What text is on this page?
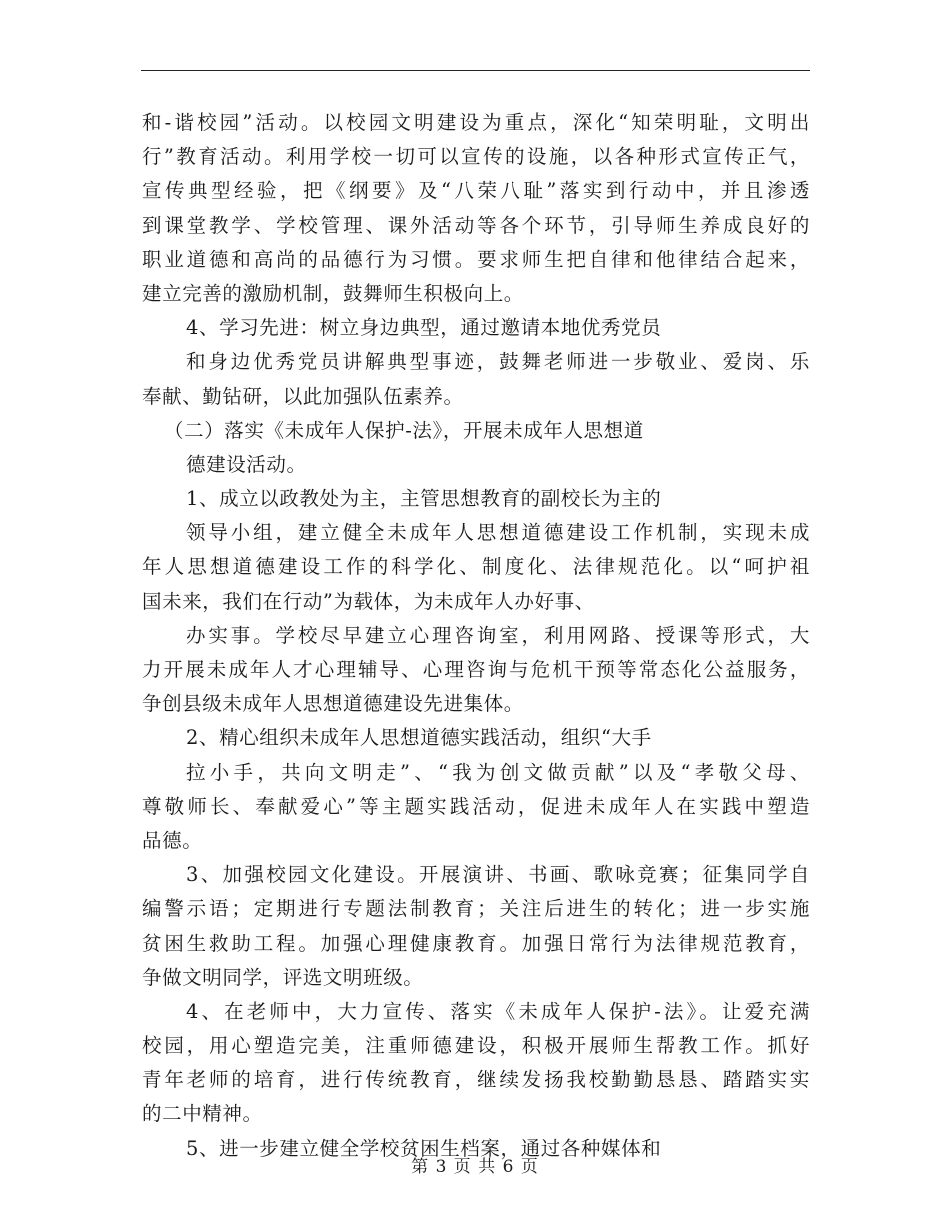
和-谐校园”活动。以校园文明建设为重点，深化“知荣明耻，文明出
行”教育活动。利用学校一切可以宣传的设施，以各种形式宣传正气，
宣传典型经验，把《纲要》及“八荣八耻”落实到行动中，并且渗透
到课堂教学、学校管理、课外活动等各个环节，引导师生养成良好的
职业道德和高尚的品德行为习惯。要求师生把自律和他律结合起来，
建立完善的激励机制，鼓舞师生积极向上。
4、学习先进：树立身边典型，通过邀请本地优秀党员
和身边优秀党员讲解典型事迹，鼓舞老师进一步敬业、爱岗、乐
奉献、勤钻研，以此加强队伍素养。
（二）落实《未成年人保护-法》，开展未成年人思想道
德建设活动。
1、成立以政教处为主，主管思想教育的副校长为主的
领导小组，建立健全未成年人思想道德建设工作机制，实现未成
年人思想道德建设工作的科学化、制度化、法律规范化。以“呵护祖
国未来，我们在行动”为载体，为未成年人办好事、
办实事。学校尽早建立心理咨询室，利用网路、授课等形式，大
力开展未成年人才心理辅导、心理咨询与危机干预等常态化公益服务，
争创县级未成年人思想道德建设先进集体。
2、精心组织未成年人思想道德实践活动，组织“大手
拉小手，共向文明走”、“我为创文做贡献”以及“孝敬父母、
尊敬师长、奉献爱心”等主题实践活动，促进未成年人在实践中塑造
品德。
3、加强校园文化建设。开展演讲、书画、歌咏竞赛；征集同学自
编警示语；定期进行专题法制教育；关注后进生的转化；进一步实施
贫困生救助工程。加强心理健康教育。加强日常行为法律规范教育，
争做文明同学，评选文明班级。
4、在老师中，大力宣传、落实《未成年人保护-法》。让爱充满
校园，用心塑造完美，注重师德建设，积极开展师生帮教工作。抓好
青年老师的培育，进行传统教育，继续发扬我校勤勤恳恳、踏踏实实
的二中精神。
5、进一步建立健全学校贫困生档案，通过各种媒体和
第 3 页 共 6 页
